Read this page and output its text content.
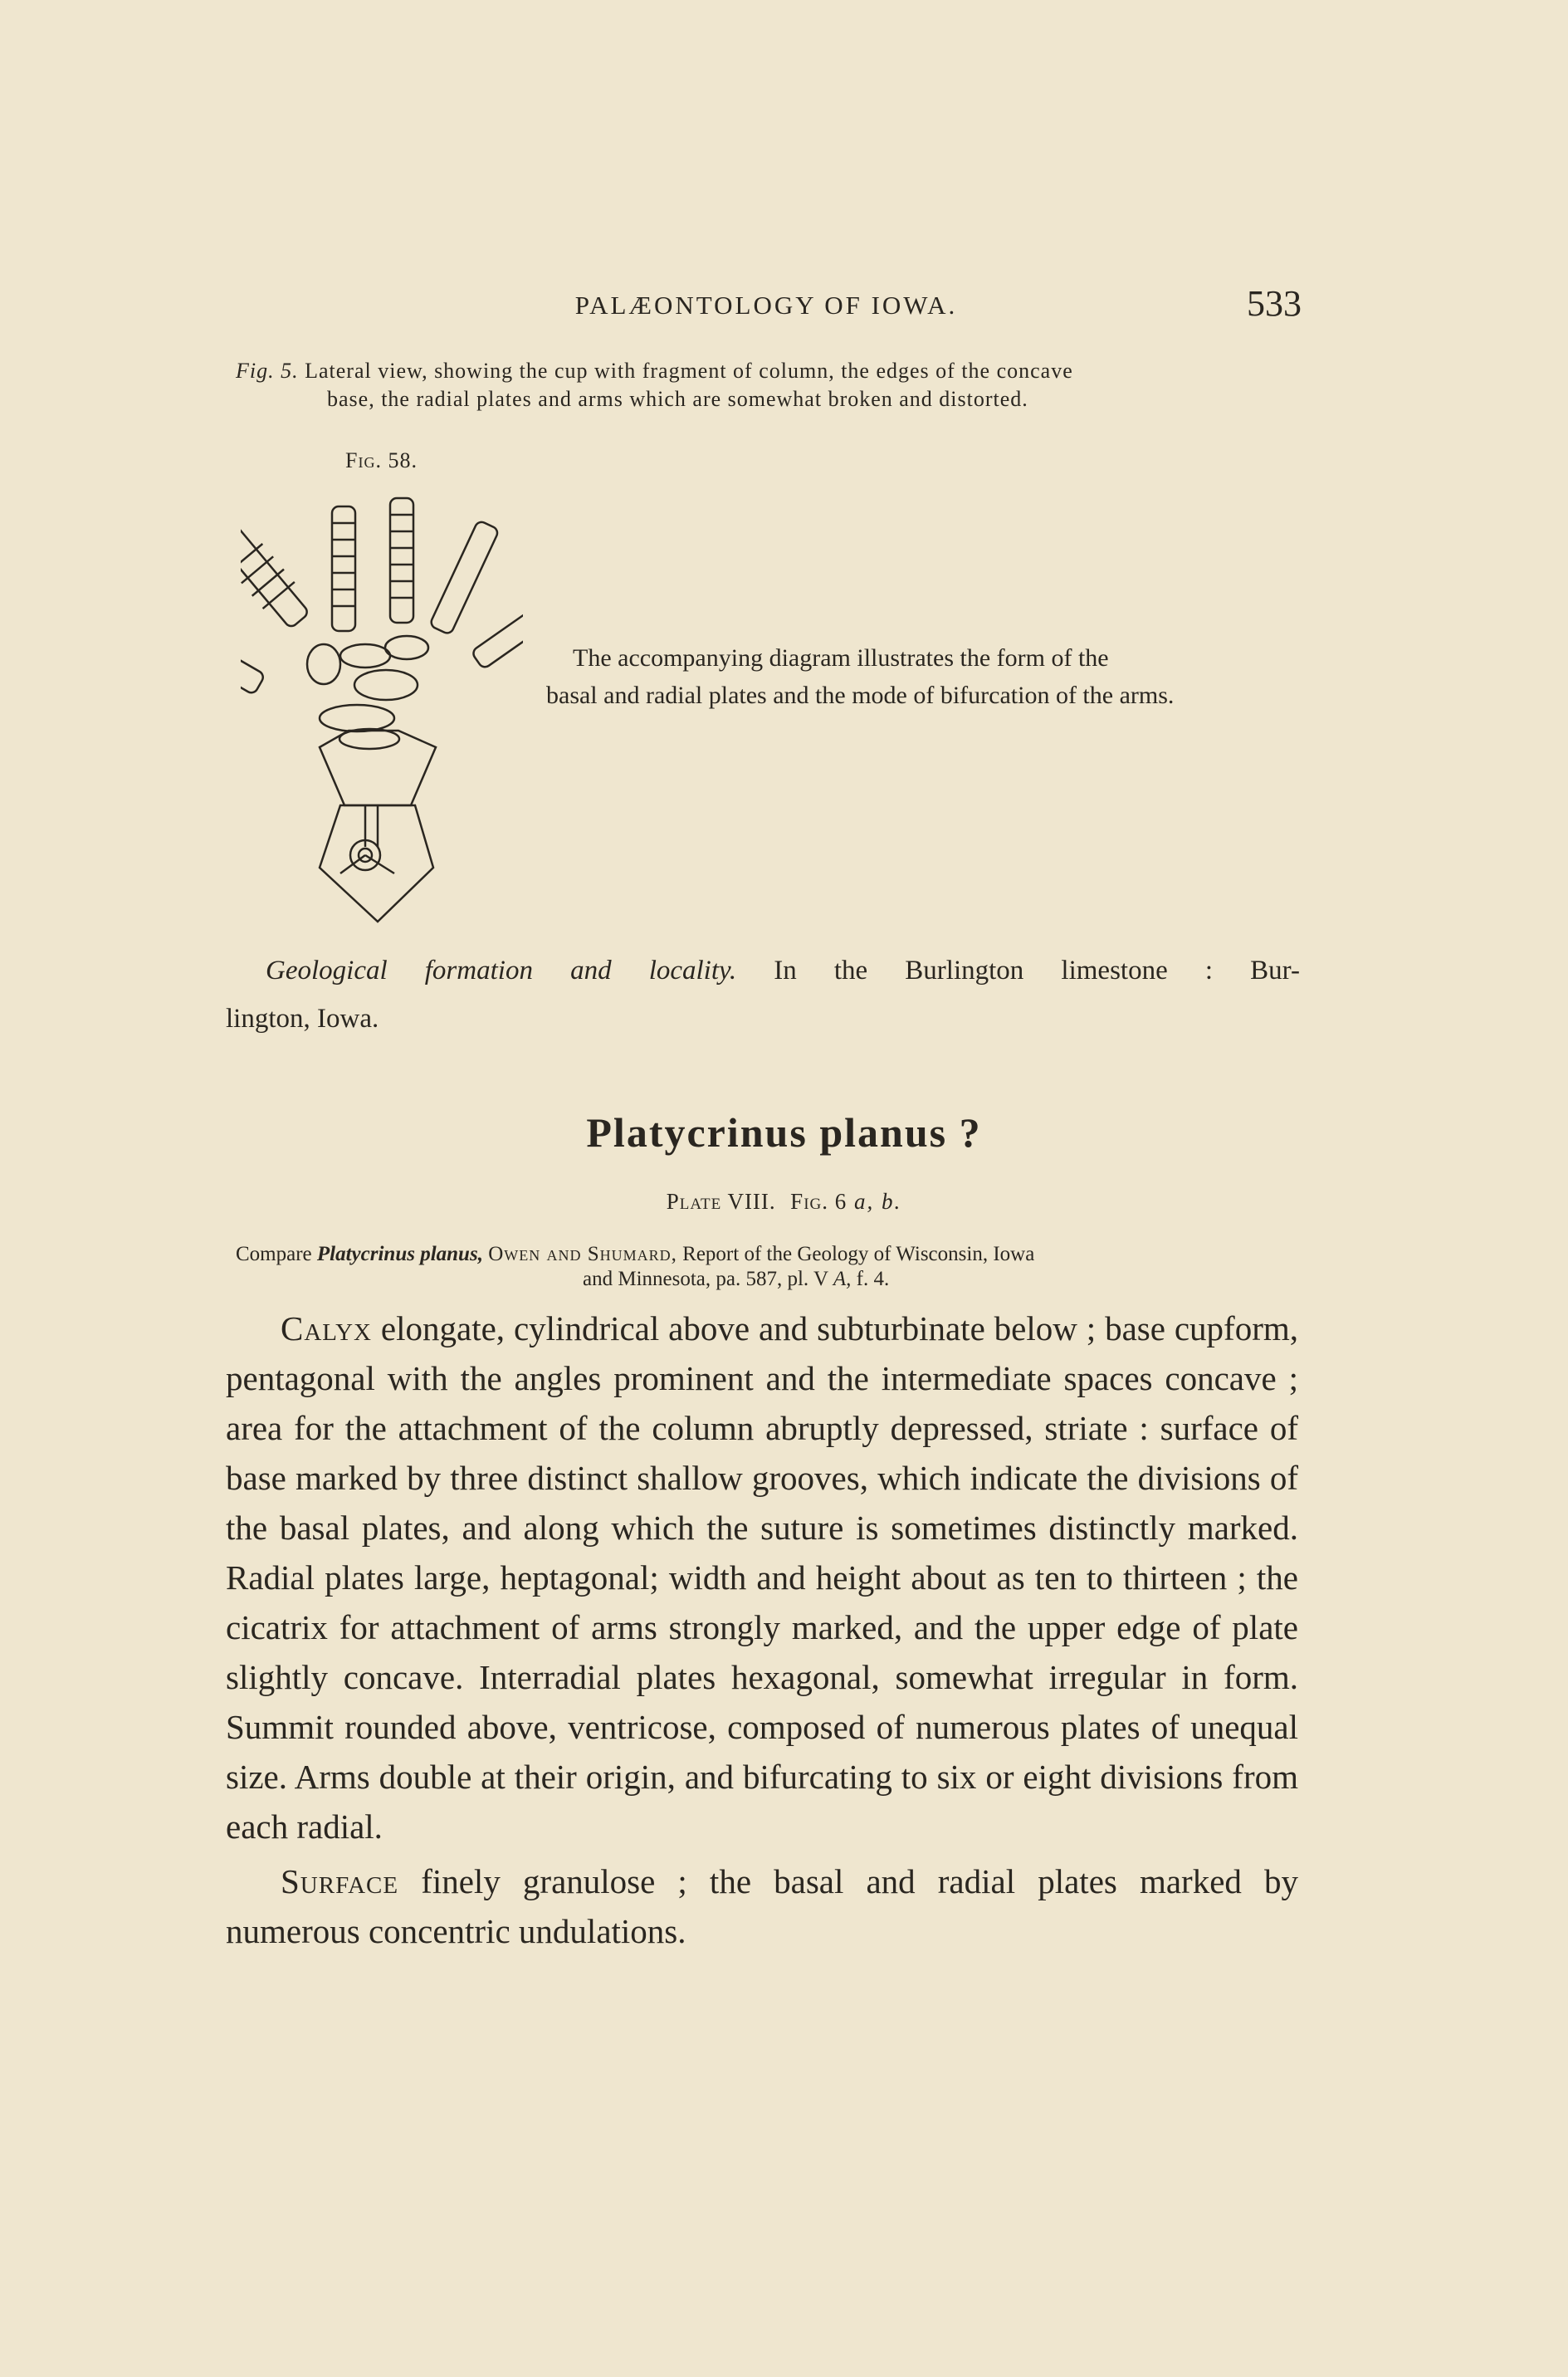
PALÆONTOLOGY OF IOWA.	533
Fig. 5. Lateral view, showing the cup with fragment of column, the edges of the concave
base, the radial plates and arms which are somewhat broken and distorted.
Fig. 58.
The accompanying diagram illustrates the form of the
basal and radial plates and the mode of bifurcation of the arms.
Geological formation and locality. In the Burlington limestone : Bur-
lington, Iowa.
Platycrinus planus ?
Plate VIII. Fig. 6 a, b.
Compare Platycrinus planus, Owen and Shumard, Report of the Geology of Wisconsin, Iowa
and Minnesota, pa. 587, pl. V A, f. 4.

Calyx elongate, cylindrical above and subturbinate below ; base cupform, pentagonal with the angles prominent and the intermediate spaces concave ; area for the attachment of the column abruptly depressed, striate : surface of base marked by three distinct shallow grooves, which indicate the divisions of the basal plates, and along which the suture is sometimes distinctly marked. Radial plates large, heptagonal; width and height about as ten to thirteen ; the cicatrix for attachment of arms strongly marked, and the upper edge of plate slightly concave. Interradial plates hexagonal, somewhat irregular in form. Summit rounded above, ventricose, composed of numerous plates of unequal size. Arms double at their origin, and bifurcating to six or eight divisions from each radial.

Surface finely granulose ; the basal and radial plates marked by numerous concentric undulations.
